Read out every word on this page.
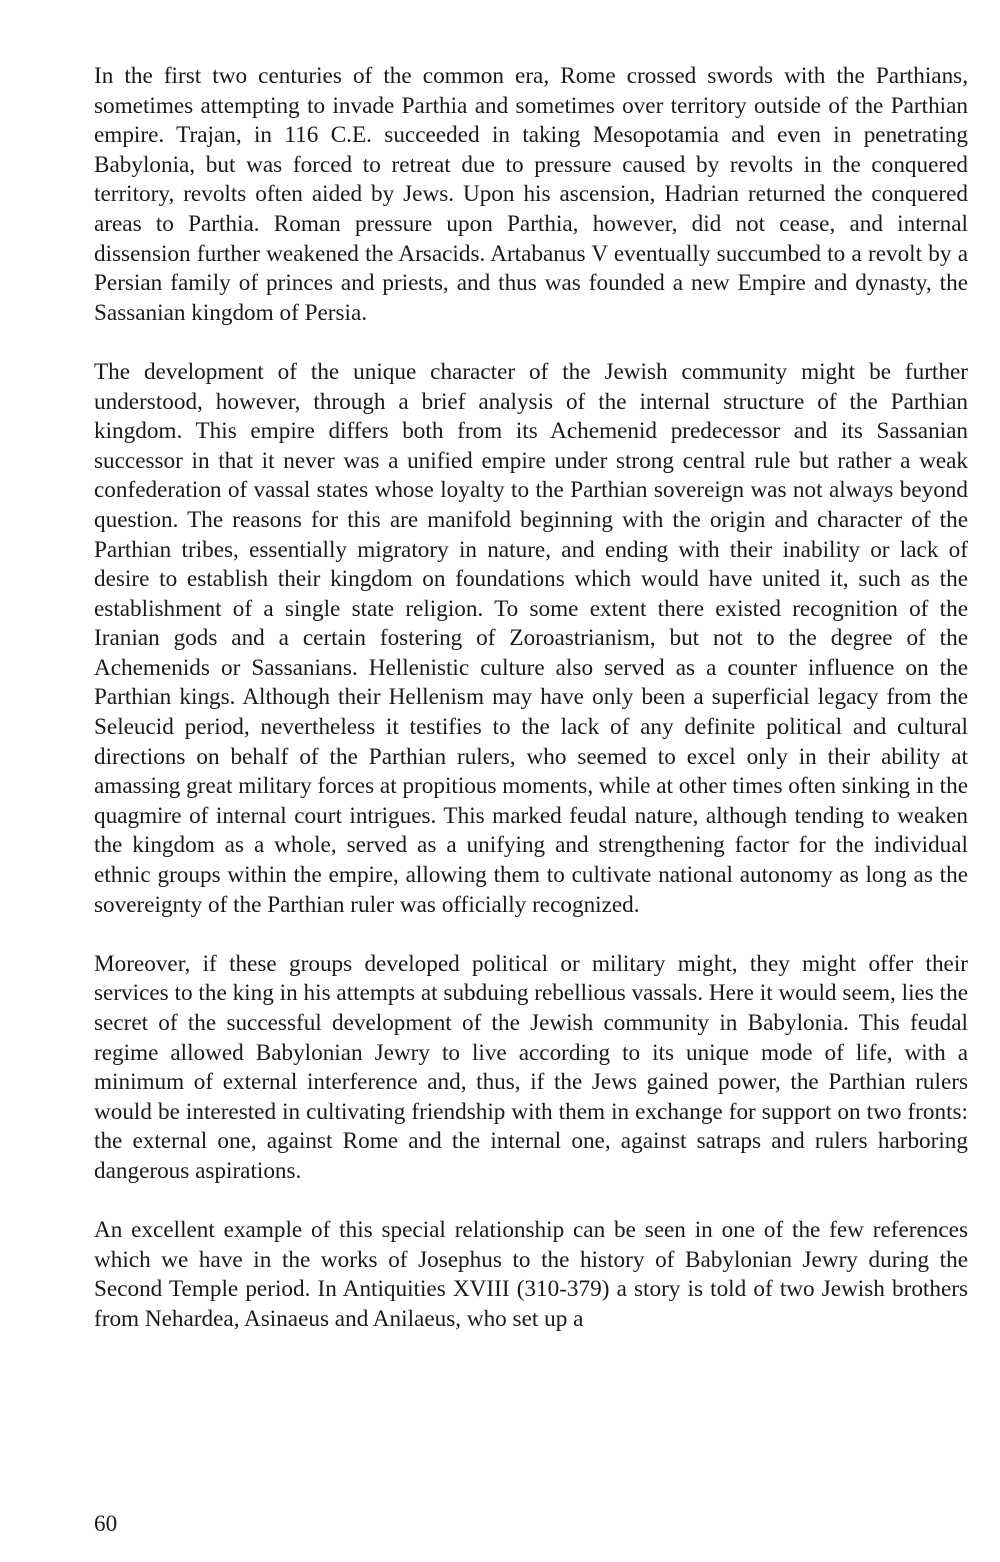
In the first two centuries of the common era, Rome crossed swords with the Parthians, sometimes attempting to invade Parthia and sometimes over territory outside of the Parthian empire. Trajan, in 116 C.E. succeeded in taking Mesopotamia and even in penetrating Babylonia, but was forced to retreat due to pressure caused by revolts in the conquered territory, revolts often aided by Jews. Upon his ascension, Hadrian returned the conquered areas to Parthia. Roman pressure upon Parthia, however, did not cease, and internal dissension further weakened the Arsacids. Artabanus V eventually succumbed to a revolt by a Persian family of princes and priests, and thus was founded a new Empire and dynasty, the Sassanian kingdom of Persia.

The development of the unique character of the Jewish community might be further understood, however, through a brief analysis of the internal structure of the Parthian kingdom. This empire differs both from its Achemenid predecessor and its Sassanian successor in that it never was a unified empire under strong central rule but rather a weak confederation of vassal states whose loyalty to the Parthian sovereign was not always beyond question. The reasons for this are manifold beginning with the origin and character of the Parthian tribes, essentially migratory in nature, and ending with their inability or lack of desire to establish their kingdom on foundations which would have united it, such as the establishment of a single state religion. To some extent there existed recognition of the Iranian gods and a certain fostering of Zoroastrianism, but not to the degree of the Achemenids or Sassanians. Hellenistic culture also served as a counter influence on the Parthian kings. Although their Hellenism may have only been a superficial legacy from the Seleucid period, nevertheless it testifies to the lack of any definite political and cultural directions on behalf of the Parthian rulers, who seemed to excel only in their ability at amassing great military forces at propitious moments, while at other times often sinking in the quagmire of internal court intrigues. This marked feudal nature, although tending to weaken the kingdom as a whole, served as a unifying and strengthening factor for the individual ethnic groups within the empire, allowing them to cultivate national autonomy as long as the sovereignty of the Parthian ruler was officially recognized.

Moreover, if these groups developed political or military might, they might offer their services to the king in his attempts at subduing rebellious vassals. Here it would seem, lies the secret of the successful development of the Jewish community in Babylonia. This feudal regime allowed Babylonian Jewry to live according to its unique mode of life, with a minimum of external interference and, thus, if the Jews gained power, the Parthian rulers would be interested in cultivating friendship with them in exchange for support on two fronts: the external one, against Rome and the internal one, against satraps and rulers harboring dangerous aspirations.

An excellent example of this special relationship can be seen in one of the few references which we have in the works of Josephus to the history of Babylonian Jewry during the Second Temple period. In Antiquities XVIII (310-379) a story is told of two Jewish brothers from Nehardea, Asinaeus and Anilaeus, who set up a

60
